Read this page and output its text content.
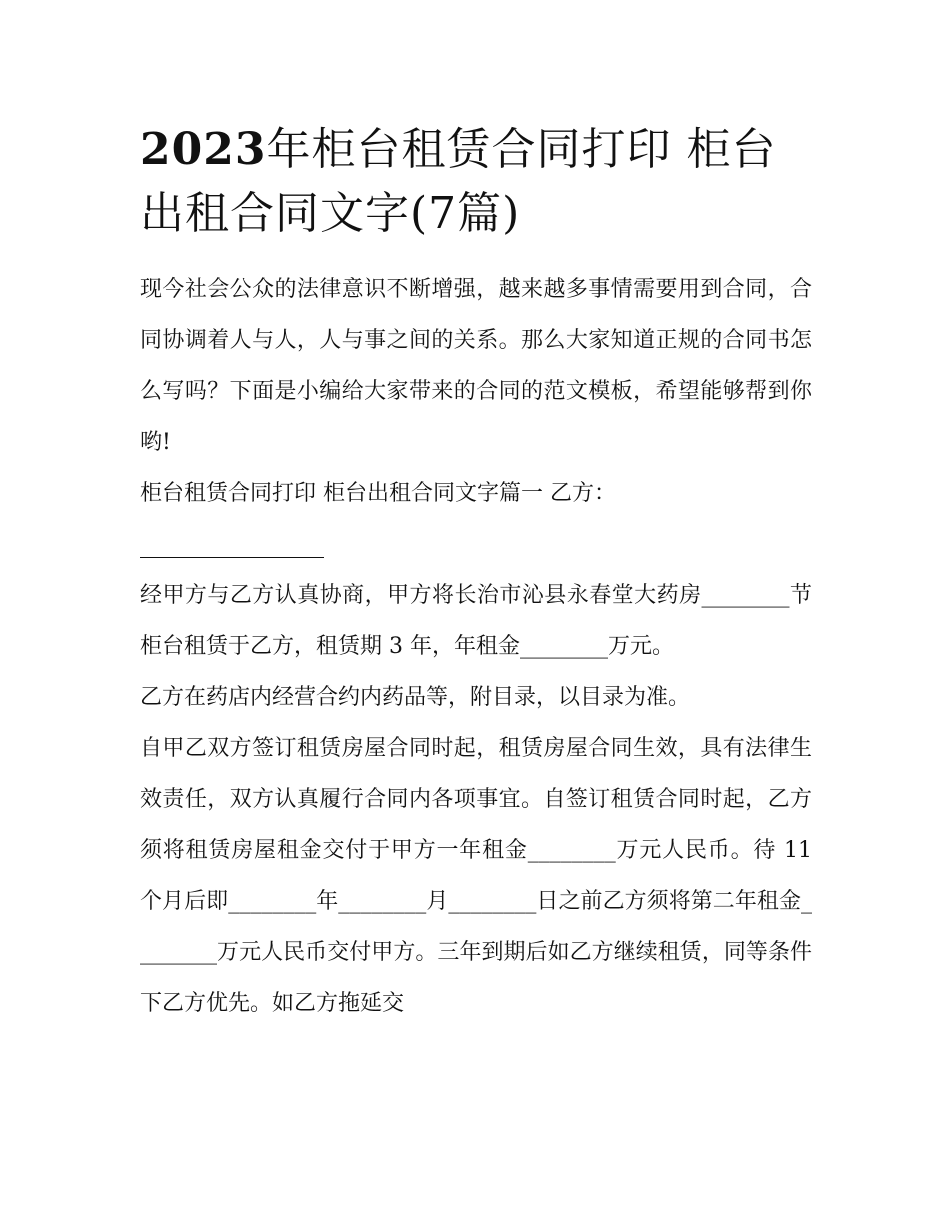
2023年柜台租赁合同打印 柜台出租合同文字(7篇)

现今社会公众的法律意识不断增强，越来越多事情需要用到合同，合同协调着人与人，人与事之间的关系。那么大家知道正规的合同书怎么写吗？下面是小编给大家带来的合同的范文模板，希望能够帮到你哟!

柜台租赁合同打印 柜台出租合同文字篇一 乙方：

经甲方与乙方认真协商，甲方将长治市沁县永春堂大药房________节柜台租赁于乙方，租赁期 3 年，年租金________万元。

乙方在药店内经营合约内药品等，附目录，以目录为准。

自甲乙双方签订租赁房屋合同时起，租赁房屋合同生效，具有法律生效责任，双方认真履行合同内各项事宜。自签订租赁合同时起，乙方须将租赁房屋租金交付于甲方一年租金________万元人民币。待 11 个月后即________年________月________日之前乙方须将第二年租金________万元人民币交付甲方。三年到期后如乙方继续租赁，同等条件下乙方优先。如乙方拖延交
